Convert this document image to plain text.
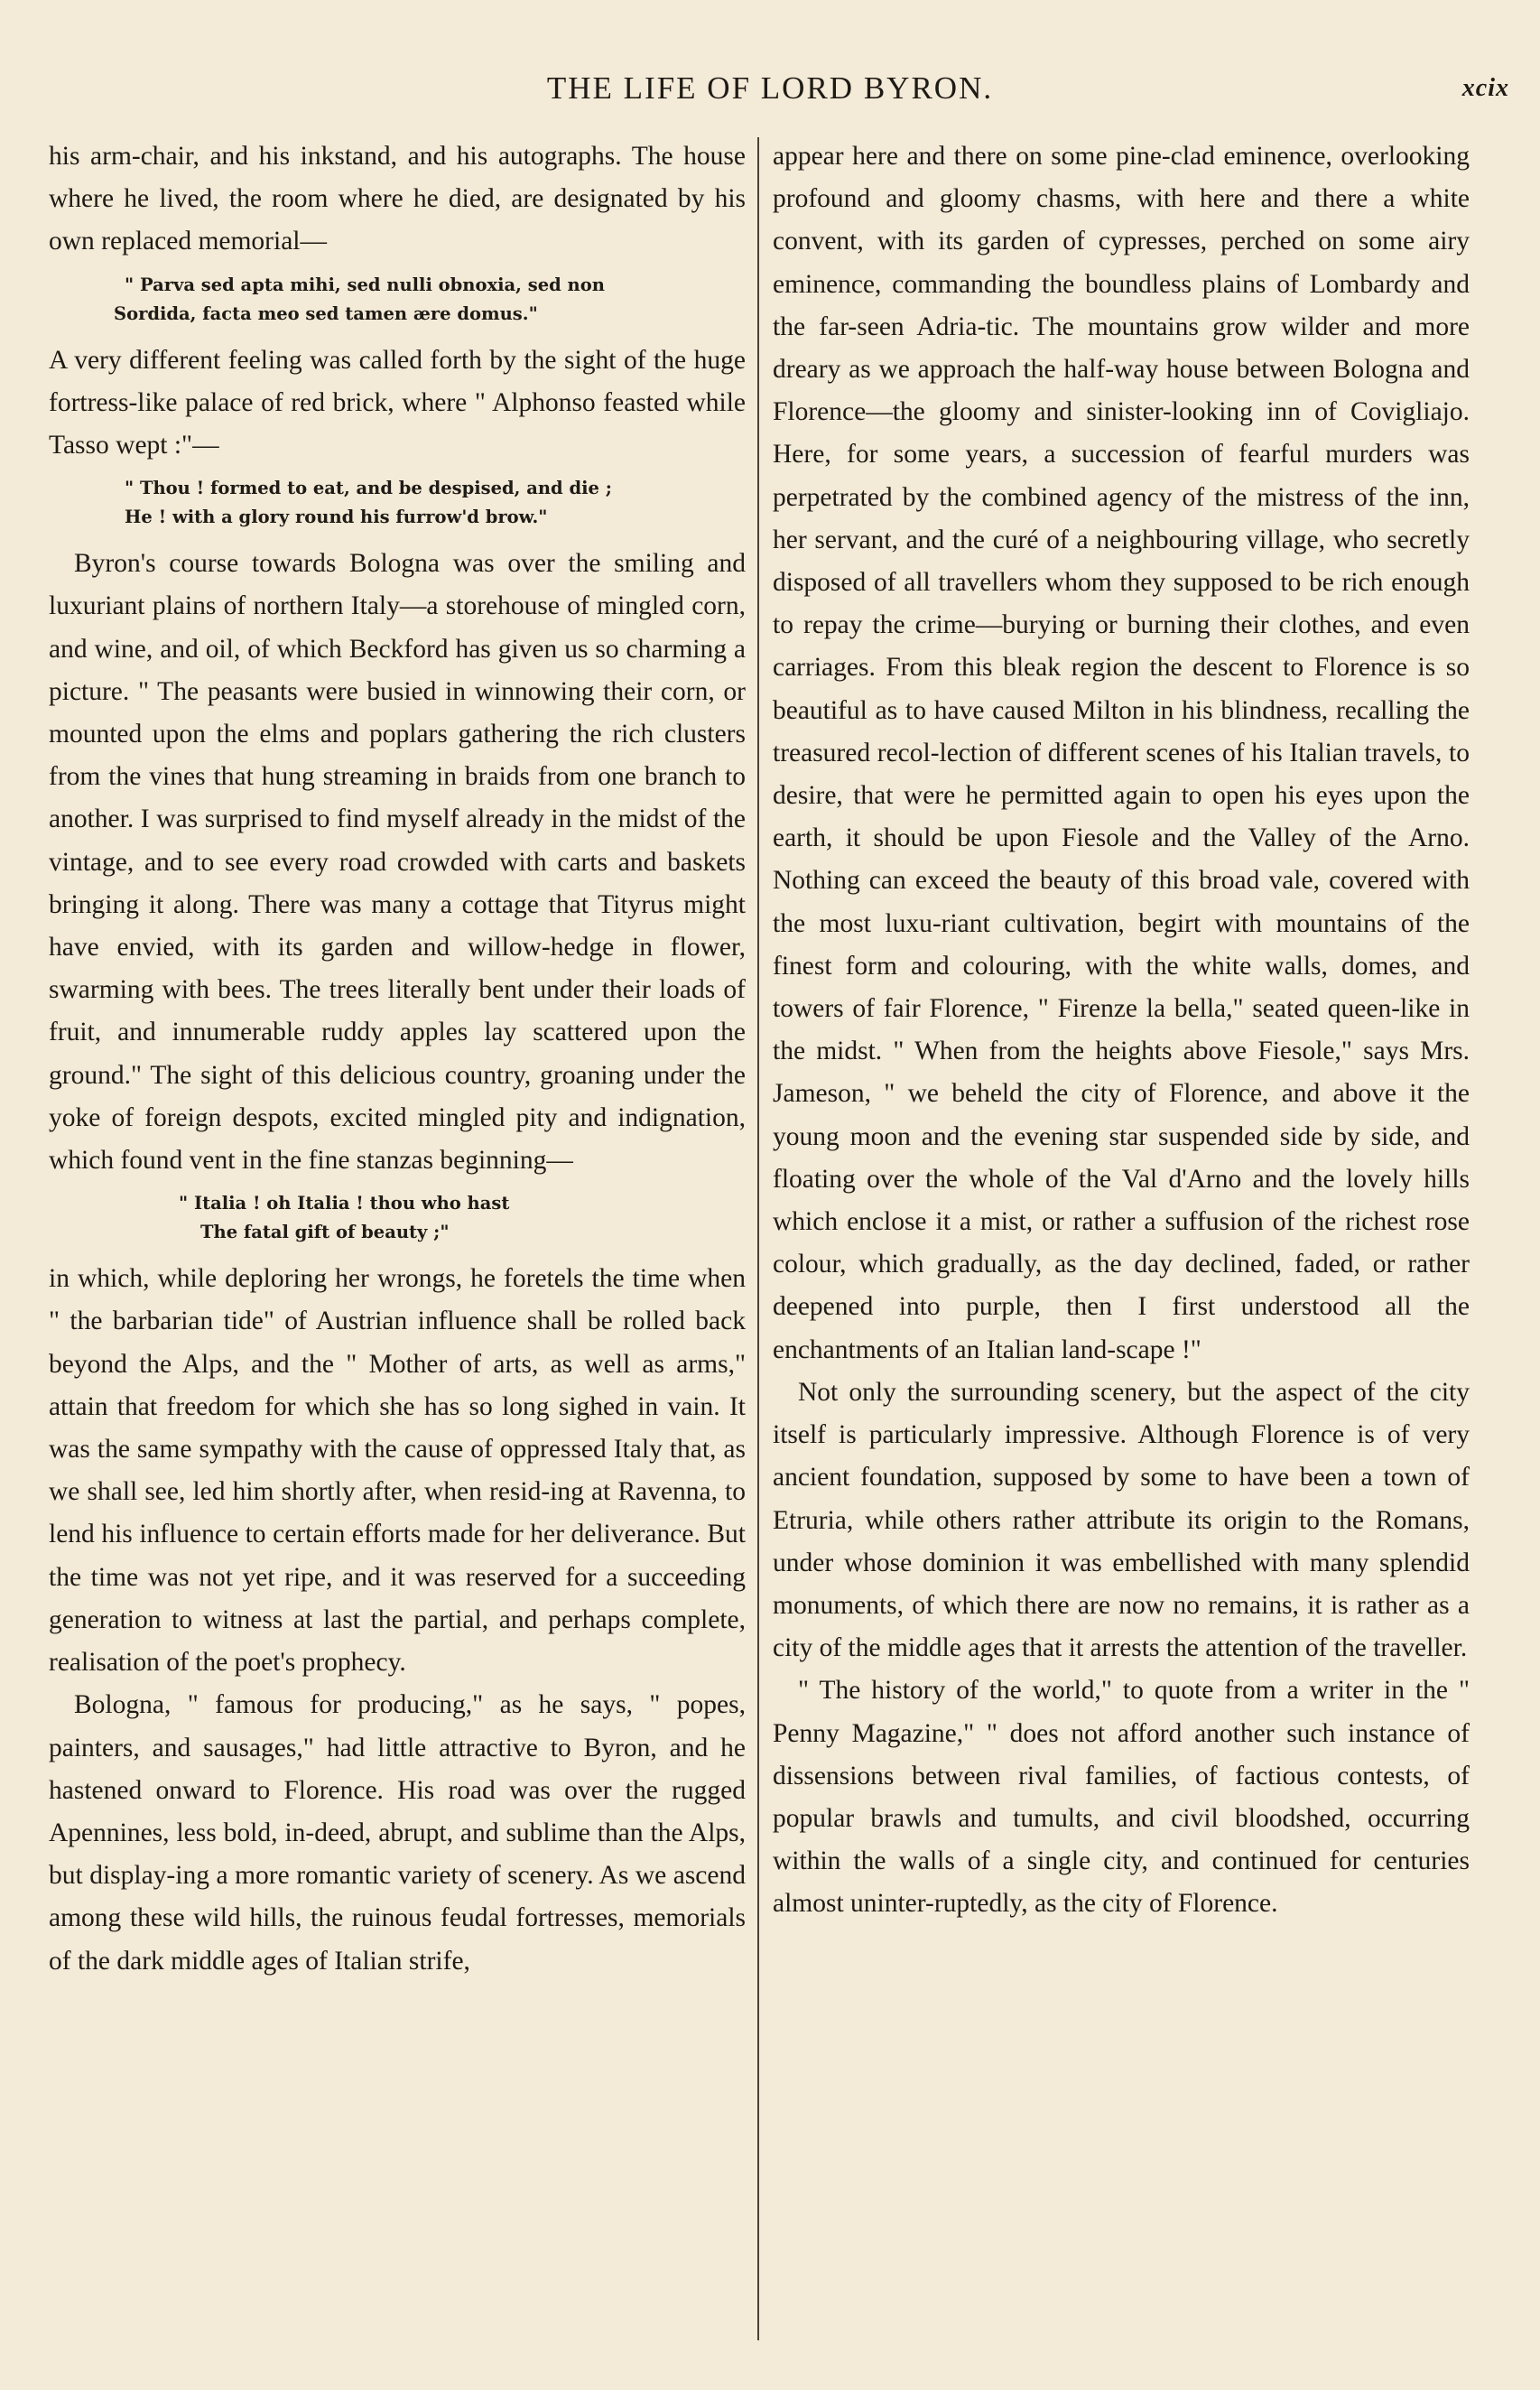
THE LIFE OF LORD BYRON.	xcix

his arm-chair, and his inkstand, and his autographs. The house where he lived, the room where he died, are designated by his own replaced memorial—

" Parva sed apta mihi, sed nulli obnoxia, sed non
Sordida, facta meo sed tamen ære domus."

A very different feeling was called forth by the sight of the huge fortress-like palace of red brick, where " Alphonso feasted while Tasso wept :"—

" Thou ! formed to eat, and be despised, and die ;
He ! with a glory round his furrow'd brow."

Byron's course towards Bologna was over the smiling and luxuriant plains of northern Italy—a storehouse of mingled corn, and wine, and oil, of which Beckford has given us so charming a picture. " The peasants were busied in winnowing their corn, or mounted upon the elms and poplars gathering the rich clusters from the vines that hung streaming in braids from one branch to another. I was surprised to find myself already in the midst of the vintage, and to see every road crowded with carts and baskets bringing it along. There was many a cottage that Tityrus might have envied, with its garden and willow-hedge in flower, swarming with bees. The trees literally bent under their loads of fruit, and innumerable ruddy apples lay scattered upon the ground." The sight of this delicious country, groaning under the yoke of foreign despots, excited mingled pity and indignation, which found vent in the fine stanzas beginning—

" Italia ! oh Italia ! thou who hast
The fatal gift of beauty ;"

in which, while deploring her wrongs, he foretels the time when " the barbarian tide" of Austrian influence shall be rolled back beyond the Alps, and the " Mother of arts, as well as arms," attain that freedom for which she has so long sighed in vain. It was the same sympathy with the cause of oppressed Italy that, as we shall see, led him shortly after, when resid-ing at Ravenna, to lend his influence to certain efforts made for her deliverance. But the time was not yet ripe, and it was reserved for a succeeding generation to witness at last the partial, and perhaps complete, realisation of the poet's prophecy.

Bologna, " famous for producing," as he says, " popes, painters, and sausages," had little attractive to Byron, and he hastened onward to Florence. His road was over the rugged Apennines, less bold, in-deed, abrupt, and sublime than the Alps, but display-ing a more romantic variety of scenery. As we ascend among these wild hills, the ruinous feudal fortresses, memorials of the dark middle ages of Italian strife,

appear here and there on some pine-clad eminence, overlooking profound and gloomy chasms, with here and there a white convent, with its garden of cypresses, perched on some airy eminence, commanding the boundless plains of Lombardy and the far-seen Adria-tic. The mountains grow wilder and more dreary as we approach the half-way house between Bologna and Florence—the gloomy and sinister-looking inn of Covigliajo. Here, for some years, a succession of fearful murders was perpetrated by the combined agency of the mistress of the inn, her servant, and the curé of a neighbouring village, who secretly disposed of all travellers whom they supposed to be rich enough to repay the crime—burying or burning their clothes, and even carriages. From this bleak region the descent to Florence is so beautiful as to have caused Milton in his blindness, recalling the treasured recol-lection of different scenes of his Italian travels, to desire, that were he permitted again to open his eyes upon the earth, it should be upon Fiesole and the Valley of the Arno. Nothing can exceed the beauty of this broad vale, covered with the most luxu-riant cultivation, begirt with mountains of the finest form and colouring, with the white walls, domes, and towers of fair Florence, " Firenze la bella," seated queen-like in the midst. " When from the heights above Fiesole," says Mrs. Jameson, " we beheld the city of Florence, and above it the young moon and the evening star suspended side by side, and floating over the whole of the Val d'Arno and the lovely hills which enclose it a mist, or rather a suffusion of the richest rose colour, which gradually, as the day declined, faded, or rather deepened into purple, then I first understood all the enchantments of an Italian land-scape !"

Not only the surrounding scenery, but the aspect of the city itself is particularly impressive. Although Florence is of very ancient foundation, supposed by some to have been a town of Etruria, while others rather attribute its origin to the Romans, under whose dominion it was embellished with many splendid monuments, of which there are now no remains, it is rather as a city of the middle ages that it arrests the attention of the traveller.

" The history of the world," to quote from a writer in the " Penny Magazine," " does not afford another such instance of dissensions between rival families, of factious contests, of popular brawls and tumults, and civil bloodshed, occurring within the walls of a single city, and continued for centuries almost uninter-ruptedly, as the city of Florence.
